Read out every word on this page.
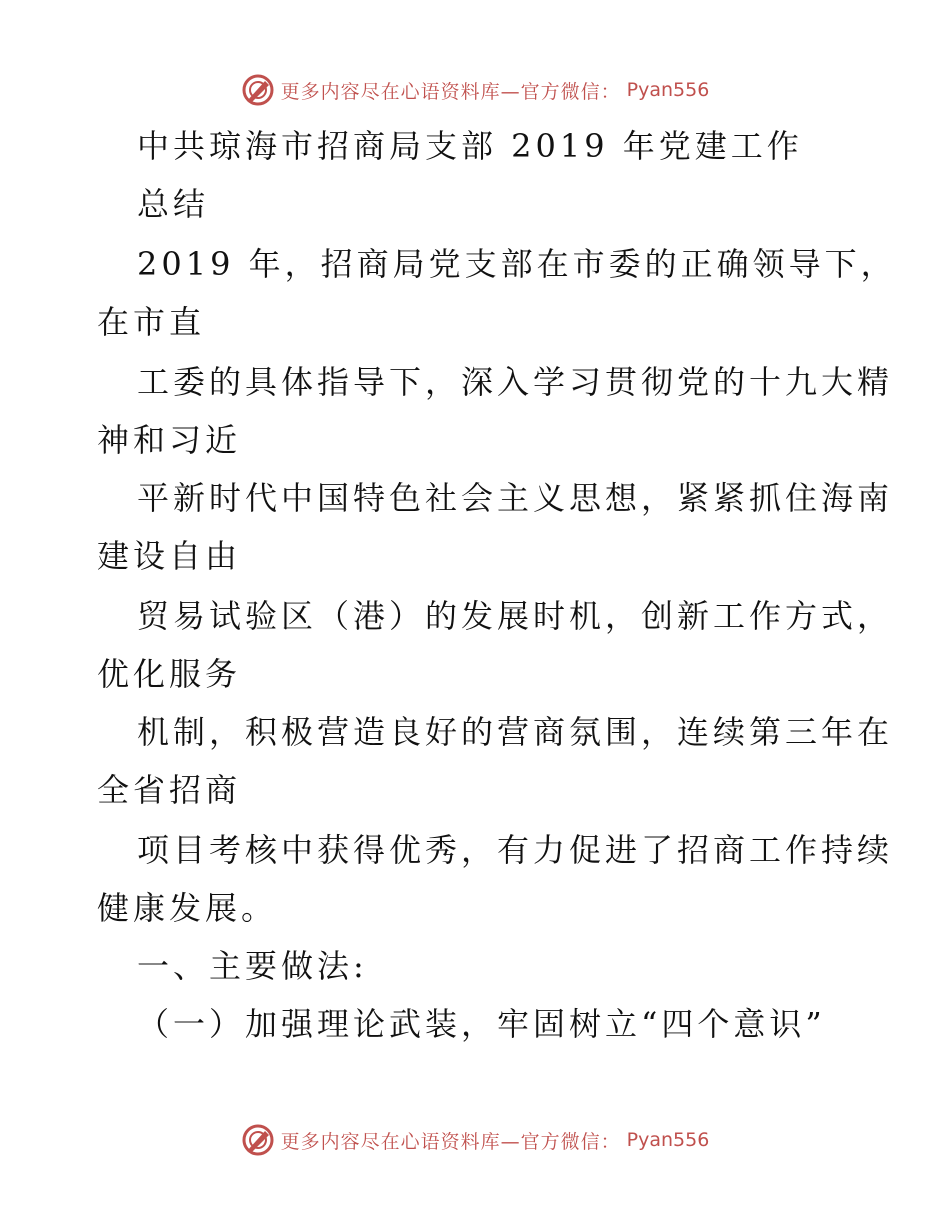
更多内容尽在心语资料库—官方微信： Pyan556
中共琼海市招商局支部 2019 年党建工作
总结
2019 年，招商局党支部在市委的正确领导下，
在市直
工委的具体指导下，深入学习贯彻党的十九大精
神和习近
平新时代中国特色社会主义思想，紧紧抓住海南
建设自由
贸易试验区（港）的发展时机，创新工作方式，
优化服务
机制，积极营造良好的营商氛围，连续第三年在
全省招商
项目考核中获得优秀，有力促进了招商工作持续
健康发展。
一、主要做法:
（一）加强理论武装，牢固树立“四个意识”
更多内容尽在心语资料库—官方微信： Pyan556
